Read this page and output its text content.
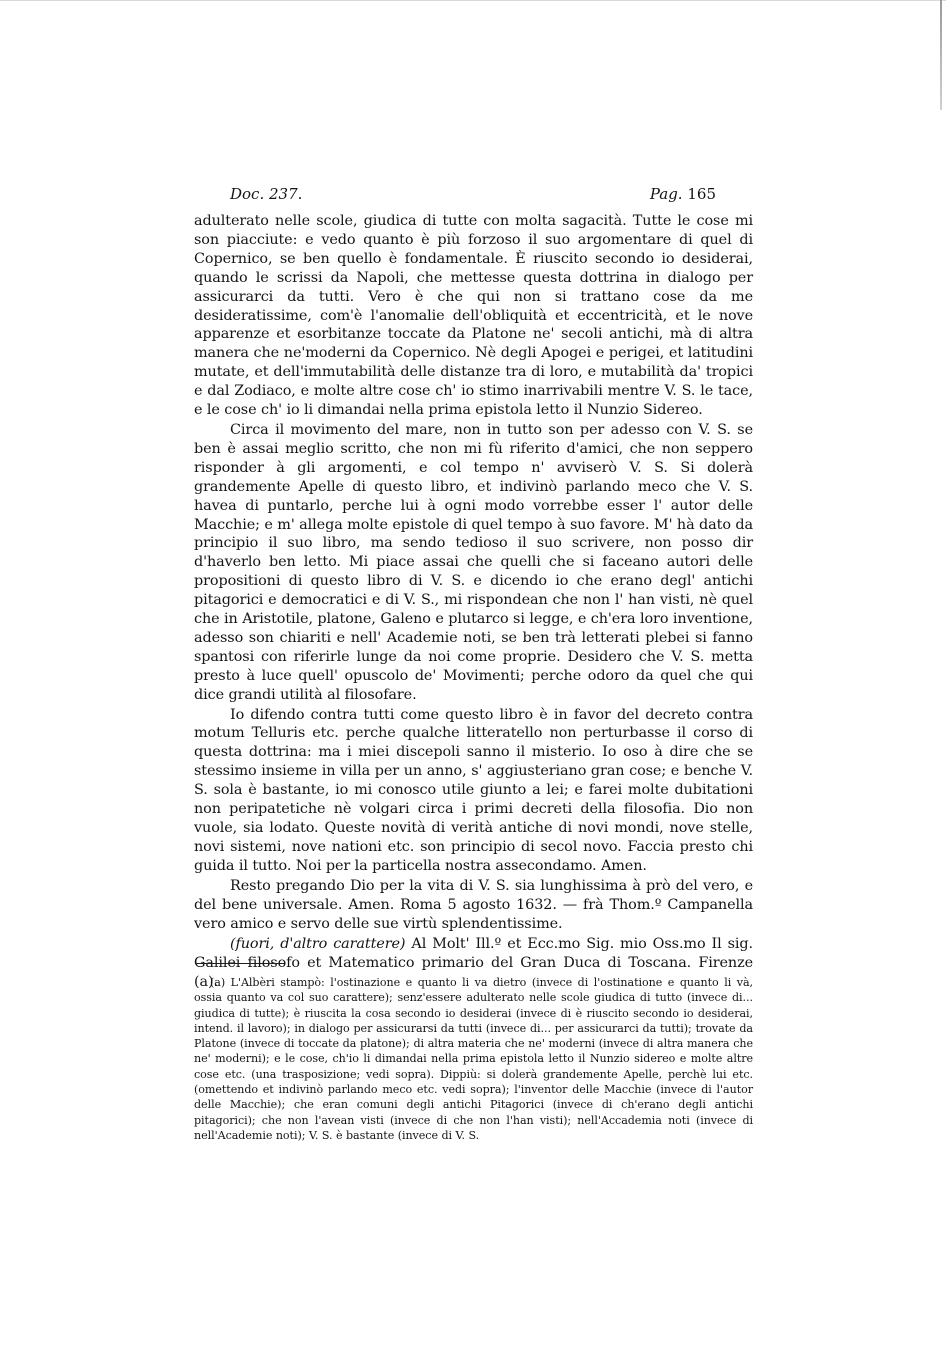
Doc. 237.	Pag. 165

adulterato nelle scole, giudica di tutte con molta sagacità. Tutte le cose mi son piacciute: e vedo quanto è più forzoso il suo argomentare di quel di Copernico, se ben quello è fondamentale. È riuscito secondo io desiderai, quando le scrissi da Napoli, che mettesse questa dottrina in dialogo per assicurarci da tutti. Vero è che qui non si trattano cose da me desideratissime, com'è l'anomalie dell'obliquità et eccentricità, et le nove apparenze et esorbitanze toccate da Platone ne' secoli antichi, mà di altra manera che ne'moderni da Copernico. Nè degli Apogei e perigei, et latitudini mutate, et dell'immutabilità delle distanze tra di loro, e mutabilità da' tropici e dal Zodiaco, e molte altre cose ch' io stimo inarrivabili mentre V. S. le tace, e le cose ch' io li dimandai nella prima epistola letto il Nunzio Sidereo.

Circa il movimento del mare, non in tutto son per adesso con V. S. se ben è assai meglio scritto, che non mi fù riferito d'amici, che non seppero risponder à gli argomenti, e col tempo n' avviserò V. S. Si dolerà grandemente Apelle di questo libro, et indivinò parlando meco che V. S. havea di puntarlo, perche lui à ogni modo vorrebbe esser l' autor delle Macchie; e m' allega molte epistole di quel tempo à suo favore. M' hà dato da principio il suo libro, ma sendo tedioso il suo scrivere, non posso dir d'haverlo ben letto. Mi piace assai che quelli che si faceano autori delle propositioni di questo libro di V. S. e dicendo io che erano degl' antichi pitagorici e democratici e di V. S., mi rispondean che non l' han visti, nè quel che in Aristotile, platone, Galeno e plutarco si legge, e ch'era loro inventione, adesso son chiariti e nell' Academie noti, se ben trà letterati plebei si fanno spantosi con riferirle lunge da noi come proprie. Desidero che V. S. metta presto à luce quell' opuscolo de' Movimenti; perche odoro da quel che qui dice grandi utilità al filosofare.

Io difendo contra tutti come questo libro è in favor del decreto contra motum Telluris etc. perche qualche litteratello non perturbasse il corso di questa dottrina: ma i miei discepoli sanno il misterio. Io oso à dire che se stessimo insieme in villa per un anno, s' aggiusteriano gran cose; e benche V. S. sola è bastante, io mi conosco utile giunto a lei; e farei molte dubitationi non peripatetiche nè volgari circa i primi decreti della filosofia. Dio non vuole, sia lodato. Queste novità di verità antiche di novi mondi, nove stelle, novi sistemi, nove nationi etc. son principio di secol novo. Faccia presto chi guida il tutto. Noi per la particella nostra assecondamo. Amen.

Resto pregando Dio per la vita di V. S. sia lunghissima à prò del vero, e del bene universale. Amen. Roma 5 agosto 1632. — frà Thom.º Campanella vero amico e servo delle sue virtù splendentissime.

(fuori, d'altro carattere) Al Molt' Ill.º et Ecc.mo Sig. mio Oss.mo Il sig. Galilei filosofo et Matematico primario del Gran Duca di Toscana. Firenze (a).

(a) L'Albèri stampò: l'ostinazione e quanto li va dietro (invece di l'ostinatione e quanto li và, ossia quanto va col suo carattere); senz'essere adulterato nelle scole giudica di tutto (invece di... giudica di tutte); è riuscita la cosa secondo io desiderai (invece di è riuscito secondo io desiderai, intend. il lavoro); in dialogo per assicurarsi da tutti (invece di... per assicurarci da tutti); trovate da Platone (invece di toccate da platone); di altra materia che ne' moderni (invece di altra manera che ne' moderni); e le cose, ch'io li dimandai nella prima epistola letto il Nunzio sidereo e molte altre cose etc. (una trasposizione; vedi sopra). Dippiù: si dolerà grandemente Apelle, perchè lui etc. (omettendo et indivinò parlando meco etc. vedi sopra); l'inventor delle Macchie (invece di l'autor delle Macchie); che eran comuni degli antichi Pitagorici (invece di ch'erano degli antichi pitagorici); che non l'avean visti (invece di che non l'han visti); nell'Accademia noti (invece di nell'Academie noti); V. S. è bastante (invece di V. S.
